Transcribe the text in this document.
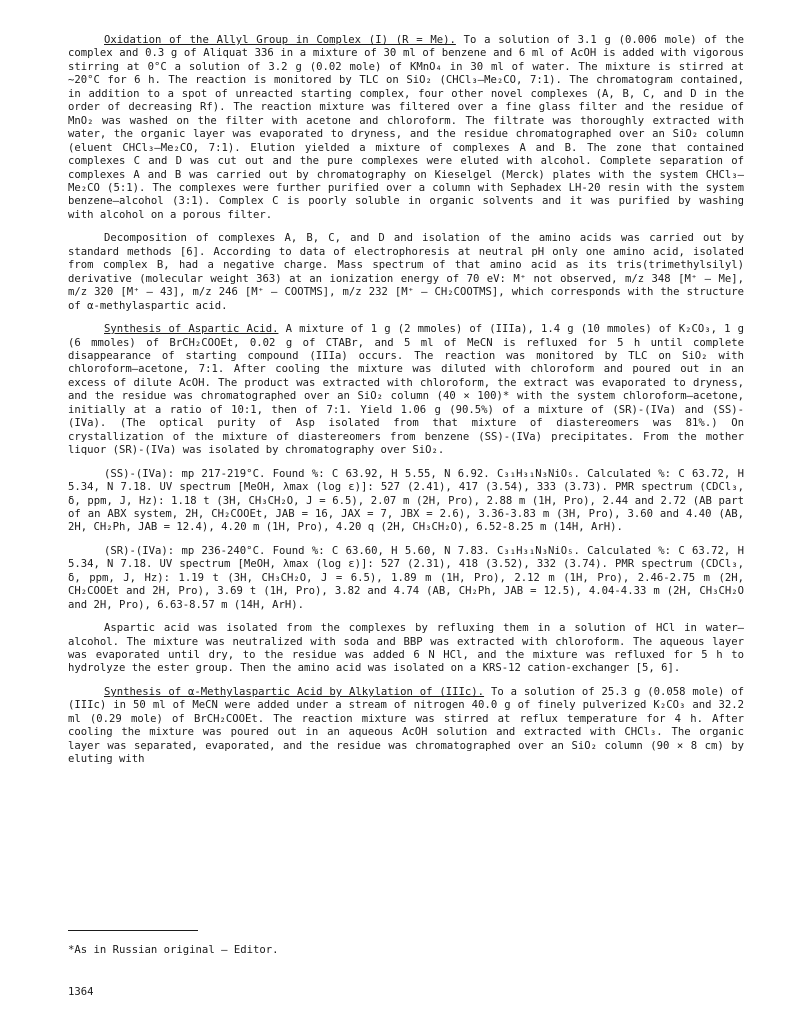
Oxidation of the Allyl Group in Complex (I) (R = Me). To a solution of 3.1 g (0.006 mole) of the complex and 0.3 g of Aliquat 336 in a mixture of 30 ml of benzene and 6 ml of AcOH is added with vigorous stirring at 0°C a solution of 3.2 g (0.02 mole) of KMnO₄ in 30 ml of water. The mixture is stirred at ~20°C for 6 h. The reaction is monitored by TLC on SiO₂ (CHCl₃–Me₂CO, 7:1). The chromatogram contained, in addition to a spot of unreacted starting complex, four other novel complexes (A, B, C, and D in the order of decreasing Rf). The reaction mixture was filtered over a fine glass filter and the residue of MnO₂ was washed on the filter with acetone and chloroform. The filtrate was thoroughly extracted with water, the organic layer was evaporated to dryness, and the residue chromatographed over an SiO₂ column (eluent CHCl₃–Me₂CO, 7:1). Elution yielded a mixture of complexes A and B. The zone that contained complexes C and D was cut out and the pure complexes were eluted with alcohol. Complete separation of complexes A and B was carried out by chromatography on Kieselgel (Merck) plates with the system CHCl₃–Me₂CO (5:1). The complexes were further purified over a column with Sephadex LH-20 resin with the system benzene–alcohol (3:1). Complex C is poorly soluble in organic solvents and it was purified by washing with alcohol on a porous filter.

Decomposition of complexes A, B, C, and D and isolation of the amino acids was carried out by standard methods [6]. According to data of electrophoresis at neutral pH only one amino acid, isolated from complex B, had a negative charge. Mass spectrum of that amino acid as its tris(trimethylsilyl) derivative (molecular weight 363) at an ionization energy of 70 eV: M⁺ not observed, m/z 348 [M⁺ – Me], m/z 320 [M⁺ – 43], m/z 246 [M⁺ – COOTMS], m/z 232 [M⁺ – CH₂COOTMS], which corresponds with the structure of α-methylaspartic acid.

Synthesis of Aspartic Acid. A mixture of 1 g (2 mmoles) of (IIIa), 1.4 g (10 mmoles) of K₂CO₃, 1 g (6 mmoles) of BrCH₂COOEt, 0.02 g of CTABr, and 5 ml of MeCN is refluxed for 5 h until complete disappearance of starting compound (IIIa) occurs. The reaction was monitored by TLC on SiO₂ with chloroform–acetone, 7:1. After cooling the mixture was diluted with chloroform and poured out in an excess of dilute AcOH. The product was extracted with chloroform, the extract was evaporated to dryness, and the residue was chromatographed over an SiO₂ column (40 × 100)* with the system chloroform–acetone, initially at a ratio of 10:1, then of 7:1. Yield 1.06 g (90.5%) of a mixture of (SR)-(IVa) and (SS)-(IVa). (The optical purity of Asp isolated from that mixture of diastereomers was 81%.) On crystallization of the mixture of diastereomers from benzene (SS)-(IVa) precipitates. From the mother liquor (SR)-(IVa) was isolated by chromatography over SiO₂.

(SS)-(IVa): mp 217-219°C. Found %: C 63.92, H 5.55, N 6.92. C₃₁H₃₁N₃NiO₅. Calculated %: C 63.72, H 5.34, N 7.18. UV spectrum [MeOH, λmax (log ε)]: 527 (2.41), 417 (3.54), 333 (3.73). PMR spectrum (CDCl₃, δ, ppm, J, Hz): 1.18 t (3H, CH₃CH₂O, J = 6.5), 2.07 m (2H, Pro), 2.88 m (1H, Pro), 2.44 and 2.72 (AB part of an ABX system, 2H, CH₂COOEt, JAB = 16, JAX = 7, JBX = 2.6), 3.36-3.83 m (3H, Pro), 3.60 and 4.40 (AB, 2H, CH₂Ph, JAB = 12.4), 4.20 m (1H, Pro), 4.20 q (2H, CH₃CH₂O), 6.52-8.25 m (14H, ArH).

(SR)-(IVa): mp 236-240°C. Found %: C 63.60, H 5.60, N 7.83. C₃₁H₃₁N₃NiO₅. Calculated %: C 63.72, H 5.34, N 7.18. UV spectrum [MeOH, λmax (log ε)]: 527 (2.31), 418 (3.52), 332 (3.74). PMR spectrum (CDCl₃, δ, ppm, J, Hz): 1.19 t (3H, CH₃CH₂O, J = 6.5), 1.89 m (1H, Pro), 2.12 m (1H, Pro), 2.46-2.75 m (2H, CH₂COOEt and 2H, Pro), 3.69 t (1H, Pro), 3.82 and 4.74 (AB, CH₂Ph, JAB = 12.5), 4.04-4.33 m (2H, CH₃CH₂O and 2H, Pro), 6.63-8.57 m (14H, ArH).

Aspartic acid was isolated from the complexes by refluxing them in a solution of HCl in water–alcohol. The mixture was neutralized with soda and BBP was extracted with chloroform. The aqueous layer was evaporated until dry, to the residue was added 6 N HCl, and the mixture was refluxed for 5 h to hydrolyze the ester group. Then the amino acid was isolated on a KRS-12 cation-exchanger [5, 6].

Synthesis of α-Methylaspartic Acid by Alkylation of (IIIc). To a solution of 25.3 g (0.058 mole) of (IIIc) in 50 ml of MeCN were added under a stream of nitrogen 40.0 g of finely pulverized K₂CO₃ and 32.2 ml (0.29 mole) of BrCH₂COOEt. The reaction mixture was stirred at reflux temperature for 4 h. After cooling the mixture was poured out in an aqueous AcOH solution and extracted with CHCl₃. The organic layer was separated, evaporated, and the residue was chromatographed over an SiO₂ column (90 × 8 cm) by eluting with

*As in Russian original – Editor.

1364
